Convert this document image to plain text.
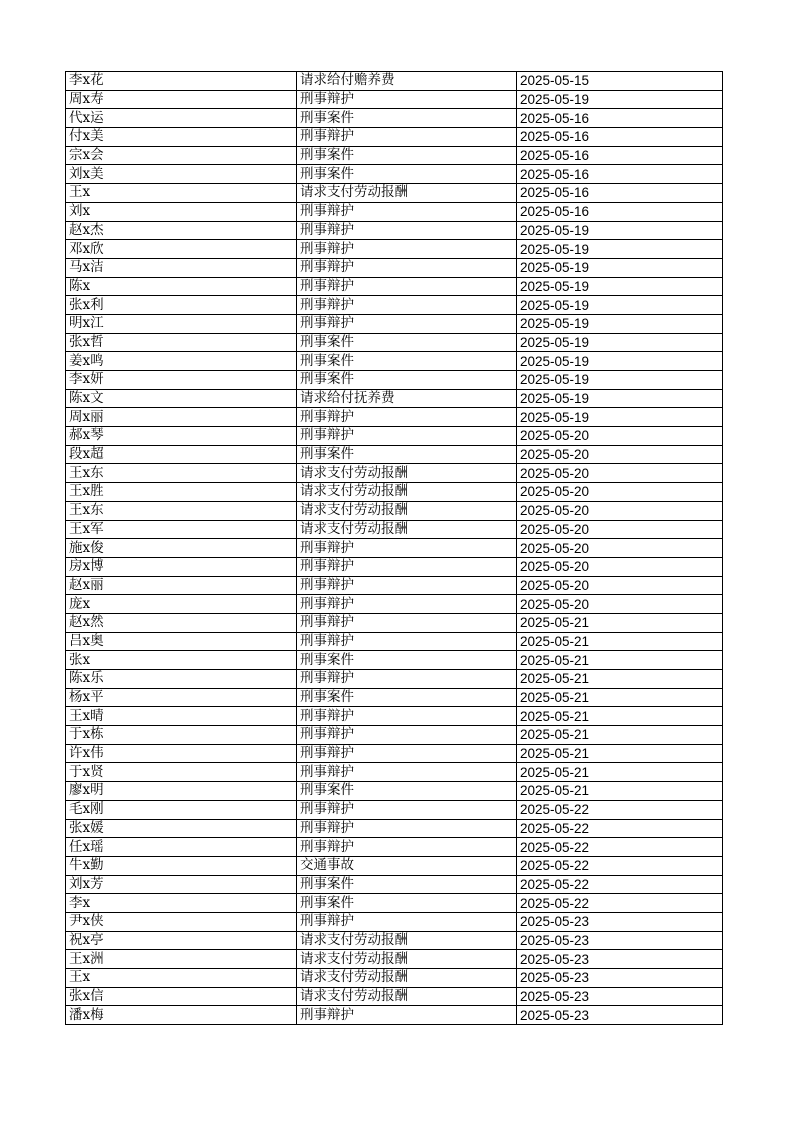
李x花	请求给付赡养费	2025-05-15
周x寿	刑事辩护	2025-05-19
代x运	刑事案件	2025-05-16
付x美	刑事辩护	2025-05-16
宗x会	刑事案件	2025-05-16
刘x美	刑事案件	2025-05-16
王x	请求支付劳动报酬	2025-05-16
刘x	刑事辩护	2025-05-16
赵x杰	刑事辩护	2025-05-19
邓x欣	刑事辩护	2025-05-19
马x洁	刑事辩护	2025-05-19
陈x	刑事辩护	2025-05-19
张x利	刑事辩护	2025-05-19
明x江	刑事辩护	2025-05-19
张x哲	刑事案件	2025-05-19
姜x鸣	刑事案件	2025-05-19
李x妍	刑事案件	2025-05-19
陈x文	请求给付抚养费	2025-05-19
周x丽	刑事辩护	2025-05-19
郝x琴	刑事辩护	2025-05-20
段x超	刑事案件	2025-05-20
王x东	请求支付劳动报酬	2025-05-20
王x胜	请求支付劳动报酬	2025-05-20
王x东	请求支付劳动报酬	2025-05-20
王x军	请求支付劳动报酬	2025-05-20
施x俊	刑事辩护	2025-05-20
房x博	刑事辩护	2025-05-20
赵x丽	刑事辩护	2025-05-20
庞x	刑事辩护	2025-05-20
赵x然	刑事辩护	2025-05-21
吕x奥	刑事辩护	2025-05-21
张x	刑事案件	2025-05-21
陈x乐	刑事辩护	2025-05-21
杨x平	刑事案件	2025-05-21
王x晴	刑事辩护	2025-05-21
于x栋	刑事辩护	2025-05-21
许x伟	刑事辩护	2025-05-21
于x贤	刑事辩护	2025-05-21
廖x明	刑事案件	2025-05-21
毛x刚	刑事辩护	2025-05-22
张x媛	刑事辩护	2025-05-22
任x瑶	刑事辩护	2025-05-22
牛x勤	交通事故	2025-05-22
刘x芳	刑事案件	2025-05-22
李x	刑事案件	2025-05-22
尹x侠	刑事辩护	2025-05-23
祝x亭	请求支付劳动报酬	2025-05-23
王x洲	请求支付劳动报酬	2025-05-23
王x	请求支付劳动报酬	2025-05-23
张x信	请求支付劳动报酬	2025-05-23
潘x梅	刑事辩护	2025-05-23
